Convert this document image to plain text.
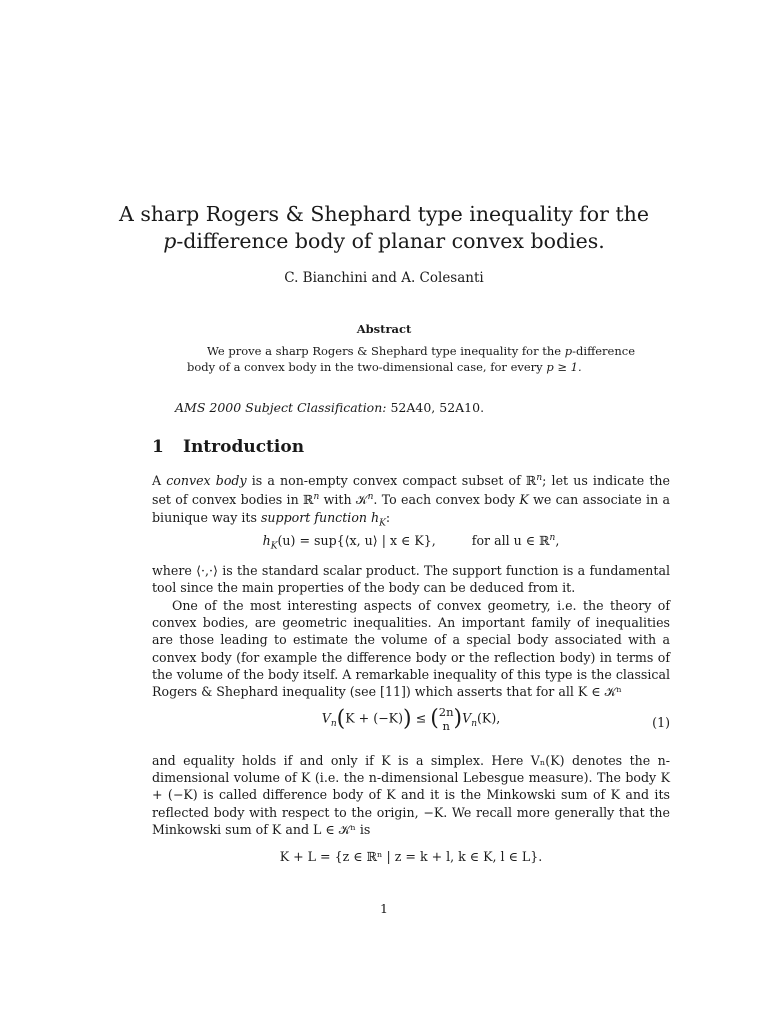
A sharp Rogers & Shephard type inequality for the
p-difference body of planar convex bodies.
C. Bianchini and A. Colesanti
Abstract
We prove a sharp Rogers & Shephard type inequality for the p-difference body of a convex body in the two-dimensional case, for every p ≥ 1.
AMS 2000 Subject Classification: 52A40, 52A10.
1 Introduction

A convex body is a non-empty convex compact subset of ℝ$^n$; let us indicate the set of convex bodies in ℝ$^n$ with 𝒦$^n$. To each convex body K we can associate in a biunique way its support function $h_K$:

$h_K(u)$ = sup{⟨x, u⟩ | x ∈ K},	for all u ∈ ℝ$^n$,

where ⟨·,·⟩ is the standard scalar product. The support function is a fundamental tool since the main properties of the body can be deduced from it.

One of the most interesting aspects of convex geometry, i.e. the theory of convex bodies, are geometric inequalities. An important family of inequalities are those leading to estimate the volume of a special body associated with a convex body (for example the difference body or the reflection body) in terms of the volume of the body itself. A remarkable inequality of this type is the classical Rogers & Shephard inequality (see [11]) which asserts that for all K ∈ 𝒦ⁿ

$V_n(K + (-K)) \le (2n$
n )$V_n(K)$,	(1)

and equality holds if and only if K is a simplex. Here Vₙ(K) denotes the n-dimensional volume of K (i.e. the n-dimensional Lebesgue measure). The body K + (−K) is called difference body of K and it is the Minkowski sum of K and its reflected body with respect to the origin, −K. We recall more generally that the Minkowski sum of K and L ∈ 𝒦ⁿ is

K + L = {z ∈ ℝⁿ | z = k + l, k ∈ K, l ∈ L}.
1
